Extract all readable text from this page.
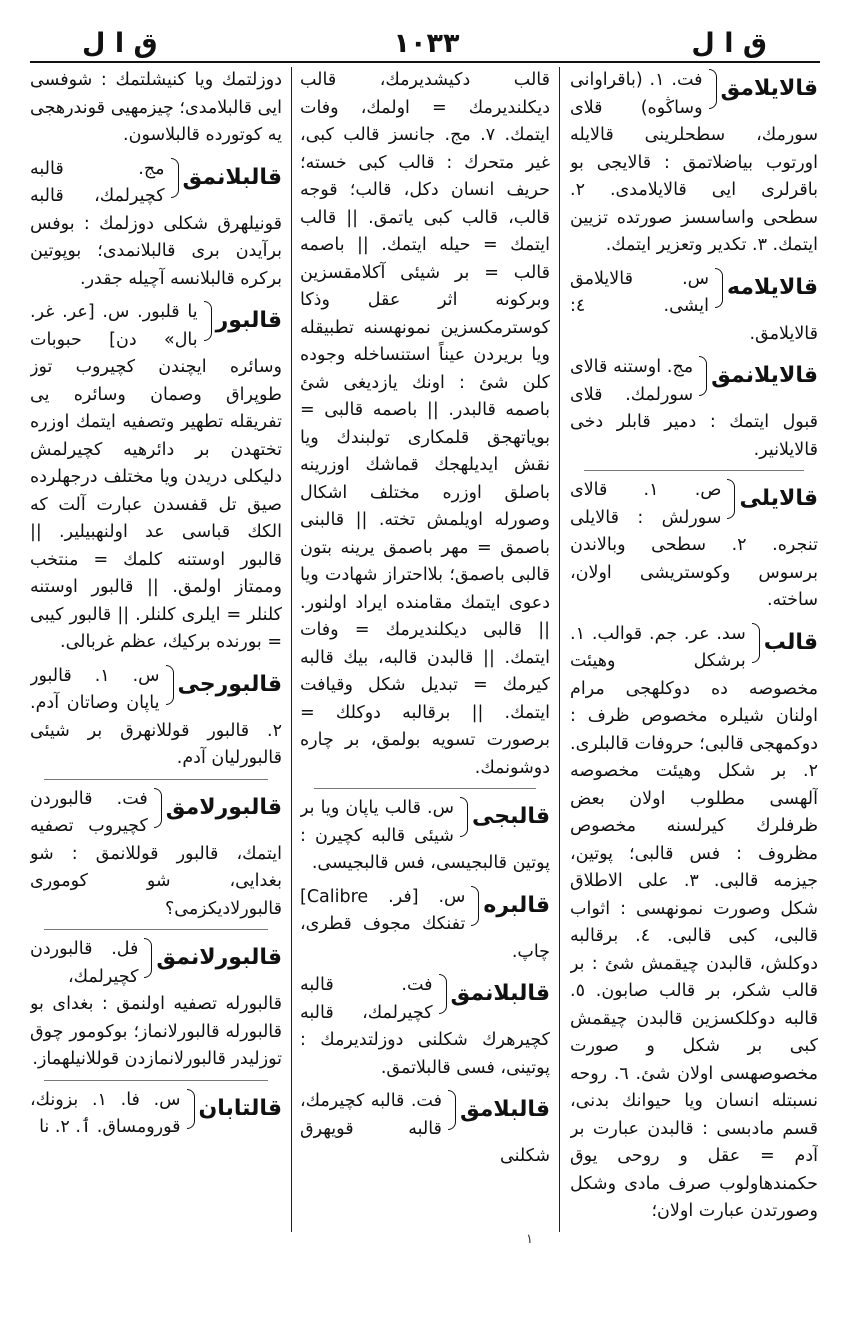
ق ا ل	١٠٣٣	ق ا ل
قالايلامق

فت. ١. (باقراوانى وساڭوه) قلاى سورمك، سطحلرينى قالايله اورتوب بياضلاتمق : قالايجى بو باقرلرى ايى قالايلامدى. ٢. سطحى واساسسز صورتده تزيين ايتمك. ٣. تكدير وتعزير ايتمك.

قالايلامه

س. قالايلامق ايشى. ٤: قالايلامق.

قالايلانمق

مج. اوستنه قالاى سورلمك. قلاى قبول ايتمك : دمير قابلر دخى قالايلانير.

قالايلى

ص. ١. قالاى سورلش : قالايلى تنجره. ٢. سطحى وبالاندن برسوس وكوستريشى اولان، ساخته.

قالب

سد. عر. جم. قوالب. ١. برشكل وهيئت مخصوصه ده دوكلهجى مرام اولنان شيلره مخصوص ظرف : دوكمهجى قالبى؛ حروفات قالبلرى. ٢. بر شكل وهيئت مخصوصه آلهسى مطلوب اولان بعض ظرفلرك كيرلسنه مخصوص مظروف : فس قالبى؛ پوتين، جيزمه قالبى. ٣. على الاطلاق شكل وصورت نمونهسى : اثواب قالبى، كبى قالبى. ٤. برقالبه دوكلش، قالبدن چيقمش شئ : بر قالب شكر، بر قالب صابون. ٥. قالبه دوكلكسزين قالبدن چيقمش كبى بر شكل و صورت مخصوصهسى اولان شئ. ٦. روحه نسبتله انسان ويا حيوانك بدنى، قسم مادبسى : قالبدن عبارت بر آدم = عقل و روحى يوق حكمندهاولوب صرف مادى وشكل وصورتدن عبارت اولان؛

قالب دكيشديرمك، قالب ديكلنديرمك = اولمك، وفات ايتمك. ٧. مج. جانسز قالب كبى، غير متحرك : قالب كبى خسته؛ حريف انسان دكل، قالب؛ قوجه قالب، قالب كبى ياتمق. || قالب ايتمك = حيله ايتمك. || باصمه قالب = بر شيئى آكلامقسزين وبركونه اثر عقل وذكا كوسترمكسزين نمونهسنه تطبيقله ويا بريردن عيناً استنساخله وجوده كلن شئ : اونك يازديغى شئ باصمه قالبدر. || باصمه قالبى = بوياتهجق قلمكارى تولبندك ويا نقش ايديلهجك قماشك اوزرينه باصلق اوزره مختلف اشكال وصورله اويلمش تخته. || قالبنى باصمق = مهر باصمق يرينه بتون قالبى باصمق؛ بلااحتراز شهادت ويا دعوى ايتمك مقامنده ايراد اولنور. || قالبى ديكلنديرمك = وفات ايتمك. || قالبدن قالبه، بيك قالبه كيرمك = تبديل شكل وقيافت ايتمك. || برقالبه دوكلك = برصورت تسويه بولمق، بر چاره دوشونمك.

قالبجى

س. قالب ياپان ويا بر شيئى قالبه كچيرن : پوتين قالبجيسى، فس قالبجيسى.

قالبره

س. [فر. Calibre] تفنكك مجوف قطرى، چاپ.

قالبلانمق

فت. قالبه كچيرلمك، قالبه كچيرهرك شكلنى دوزلتديرمك : پوتينى، فسى قالبلاتمق.

قالبلامق

فت. قالبه كچيرمك، قالبه قويهرق شكلنى

١

دوزلتمك ويا كنيشلتمك : شوفسى ايى قالبلامدى؛ چيزمهيى قوندرهجى يه كوتورده قالبلاسون.

قالبلانمق

مج. قالبه كچيرلمك، قالبه قونيلهرق شكلى دوزلمك : بوفس برآيدن برى قالبلانمدى؛ بوپوتين بركره قالبلانسه آچيله جقدر.

قالبور

يا قلبور. س. [عر. غر. بال» دن] حبوبات وسائره ايچندن كچيروب توز طوپراق وصمان وسائره يى تفريقله تطهير وتصفيه ايتمك اوزره تختهدن بر دائرهيه كچيرلمش دليكلى دريدن ويا مختلف درجهلرده صيق تل قفسدن عبارت آلت كه الكك قباسى عد اولنهبيلير. || قالبور اوستنه كلمك = منتخب وممتاز اولمق. || قالبور اوستنه كلنلر = ايلرى كلنلر. || قالبور كيبى = بورنده بركيك، عظم غربالى.

قالبورجى

س. ١. قالبور ياپان وصاتان آدم. ٢. قالبور قوللانهرق بر شيئى قالبورليان آدم.

قالبورلامق

فت. قالبوردن كچيروب تصفيه ايتمك، قالبور قوللانمق : شو بغدايى، شو كومورى قالبورلاديكزمى؟

قالبورلانمق

فل. قالبوردن كچيرلمك، قالبورله تصفيه اولنمق : بغداى بو قالبورله قالبورلانماز؛ بوكومور چوق توزليدر قالبورلانمازدن قوللانيلهماز.

قالتابان

س. فا. ١. بزونك، قورومساق. ٲ. ٢. نا
